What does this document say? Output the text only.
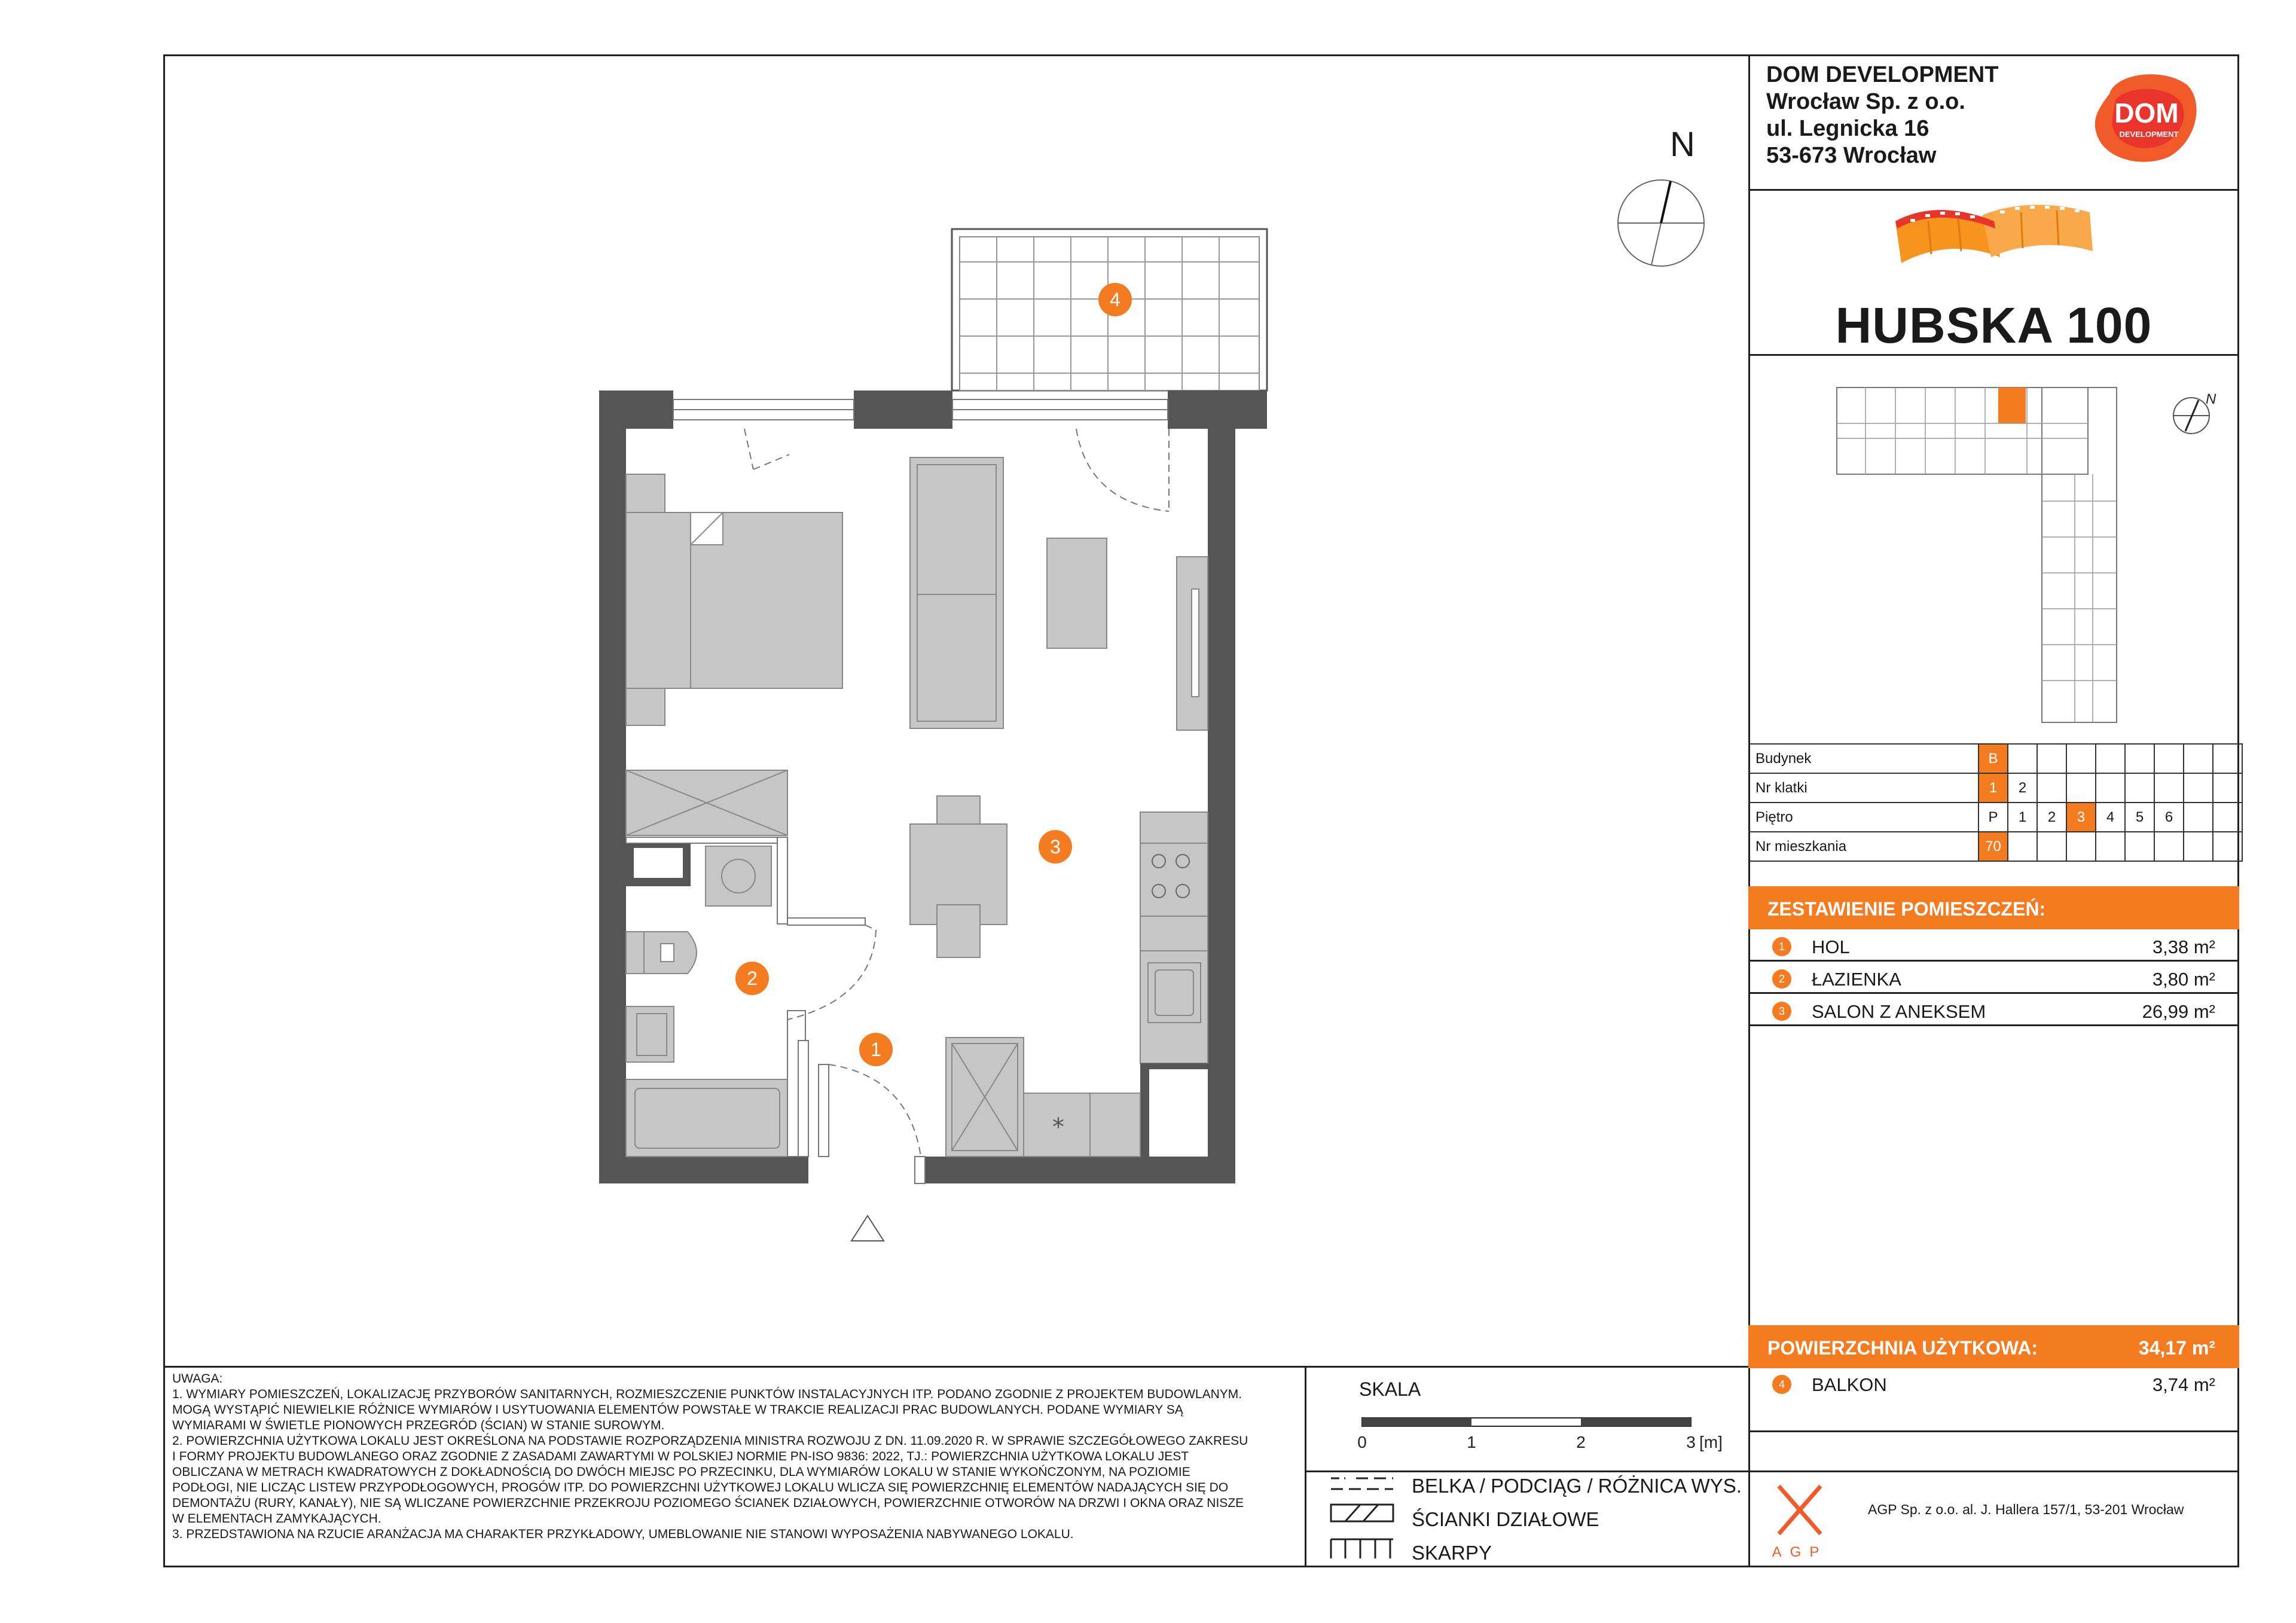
DOM DEVELOPMENT
Wrocław Sp. z o.o.
ul. Legnicka 16
53-673 Wrocław
DOM
DEVELOPMENT
HUBSKA 100
N
Budynek	B								
Nr klatki	1	2							
Piętro	P	1	2	3	4	5	6		
Nr mieszkania	70								
ZESTAWIENIE POMIESZCZEŃ:
1	HOL	3,38 m²
2	ŁAZIENKA	3,80 m²
3	SALON Z ANEKSEM	26,99 m²
POWIERZCHNIA UŻYTKOWA:	34,17 m²
4	BALKON	3,74 m²
UWAGA:
1. WYMIARY POMIESZCZEŃ, LOKALIZACJĘ PRZYBORÓW SANITARNYCH, ROZMIESZCZENIE PUNKTÓW INSTALACYJNYCH ITP. PODANO ZGODNIE Z PROJEKTEM BUDOWLANYM.
MOGĄ WYSTĄPIĆ NIEWIELKIE RÓŻNICE WYMIARÓW I USYTUOWANIA ELEMENTÓW POWSTAŁE W TRAKCIE REALIZACJI PRAC BUDOWLANYCH. PODANE WYMIARY SĄ
WYMIARAMI W ŚWIETLE PIONOWYCH PRZEGRÓD (ŚCIAN) W STANIE SUROWYM.
2. POWIERZCHNIA UŻYTKOWA LOKALU JEST OKREŚLONA NA PODSTAWIE ROZPORZĄDZENIA MINISTRA ROZWOJU Z DN. 11.09.2020 R. W SPRAWIE SZCZEGÓŁOWEGO ZAKRESU
I FORMY PROJEKTU BUDOWLANEGO ORAZ ZGODNIE Z ZASADAMI ZAWARTYMI W POLSKIEJ NORMIE PN-ISO 9836: 2022, TJ.: POWIERZCHNIA UŻYTKOWA LOKALU JEST
OBLICZANA W METRACH KWADRATOWYCH Z DOKŁADNOŚCIĄ DO DWÓCH MIEJSC PO PRZECINKU, DLA WYMIARÓW LOKALU W STANIE WYKOŃCZONYM, NA POZIOMIE
PODŁOGI, NIE LICZĄC LISTEW PRZYPODŁOGOWYCH, PROGÓW ITP. DO POWIERZCHNI UŻYTKOWEJ LOKALU WLICZA SIĘ POWIERZCHNIĘ ELEMENTÓW NADAJĄCYCH SIĘ DO
DEMONTAŻU (RURY, KANAŁY), NIE SĄ WLICZANE POWIERZCHNIE PRZEKROJU POZIOMEGO ŚCIANEK DZIAŁOWYCH, POWIERZCHNIE OTWORÓW NA DRZWI I OKNA ORAZ NISZE
W ELEMENTACH ZAMYKAJĄCYCH.
3. PRZEDSTAWIONA NA RZUCIE ARANŻACJA MA CHARAKTER PRZYKŁADOWY, UMEBLOWANIE NIE STANOWI WYPOSAŻENIA NABYWANEGO LOKALU.
SKALA
0	1	2	3 [m]
BELKA / PODCIĄG / RÓŻNICA WYS.
ŚCIANKI DZIAŁOWE
SKARPY	AGP
AGP Sp. z o.o. al. J. Hallera 157/1, 53-201 Wrocław
N
*
1
2
3
4
